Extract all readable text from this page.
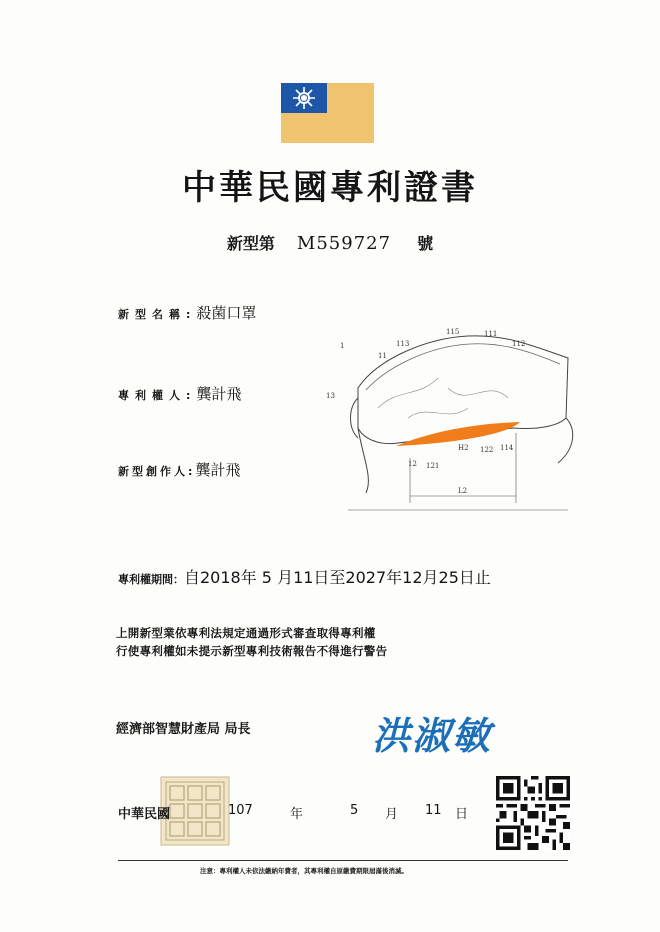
中華民國專利證書
新型第 M559727 號
新型名稱:殺菌口罩
專利權人:龔計飛
新型創作人:龔計飛
1
11
113
115	111
112
13
12 121
H2 122 114
L2
專利權期間：自2018年 5 月11日至2027年12月25日止
上開新型業依專利法規定通過形式審查取得專利權
行使專利權如未提示新型專利技術報告不得進行警告
經濟部智慧財產局 局長	洪淑敏
中華民國	107	年	5 月 11 日
注意：專利權人未依法繳納年費者，其專利權自原繳費期限屆滿後消滅。
